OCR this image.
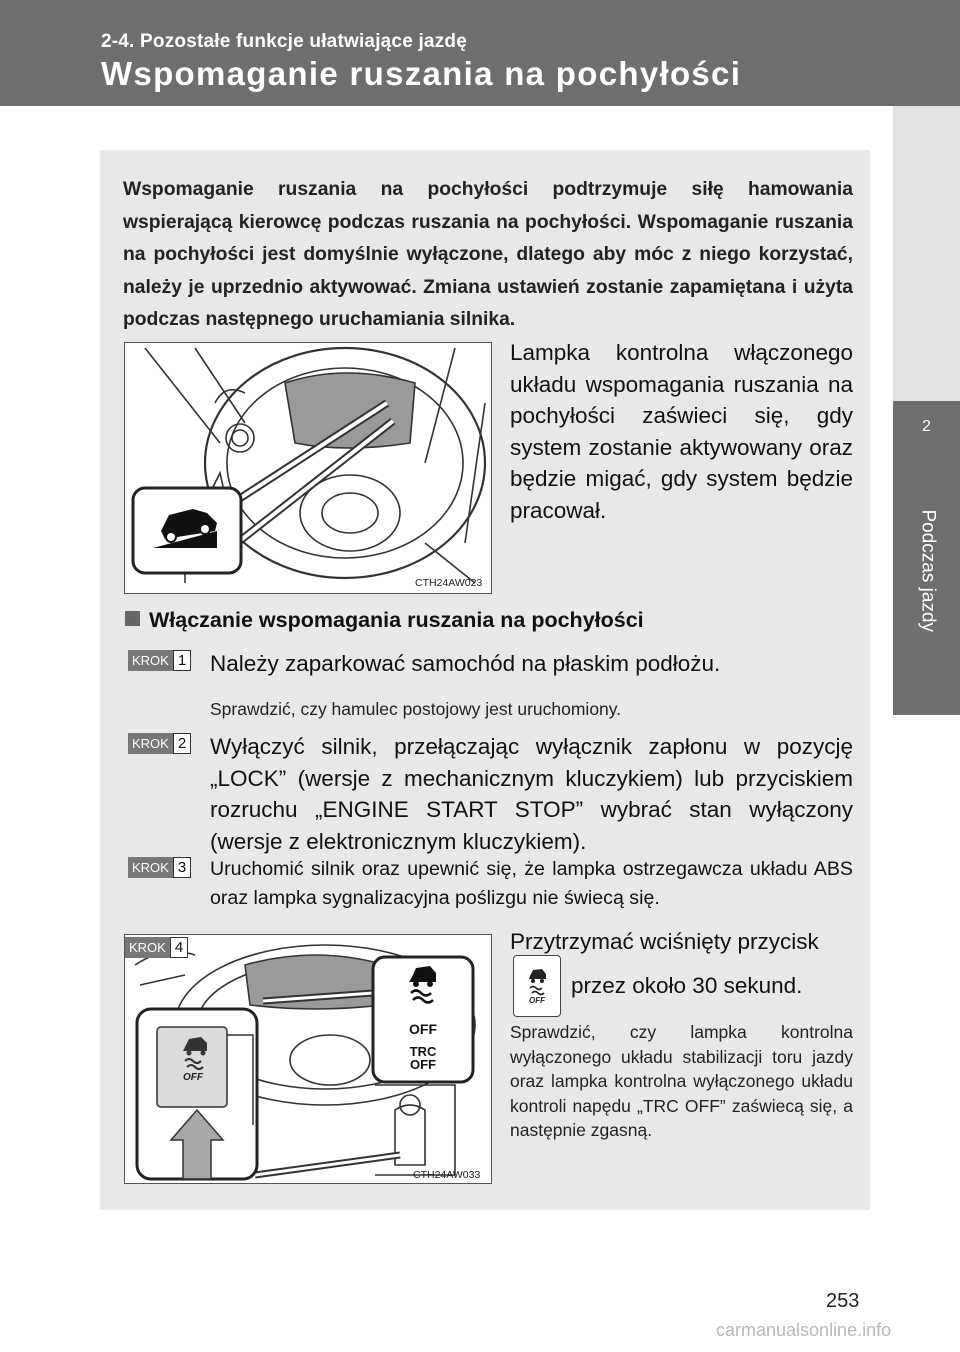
2-4. Pozostałe funkcje ułatwiające jazdę
Wspomaganie ruszania na pochyłości
2
Podczas jazdy
Wspomaganie ruszania na pochyłości podtrzymuje siłę hamowania wspierającą kierowcę podczas ruszania na pochyłości. Wspomaganie ruszania na pochyłości jest domyślnie wyłączone, dlatego aby móc z niego korzystać, należy je uprzednio aktywować. Zmiana ustawień zostanie zapamiętana i użyta podczas następnego uruchamiania silnika.
CTH24AW023
Lampka kontrolna włączonego układu wspomagania ruszania na pochyłości zaświeci się, gdy system zostanie aktywowany oraz będzie migać, gdy system będzie pracował.
Włączanie wspomagania ruszania na pochyłości
KROK 1 Należy zaparkować samochód na płaskim podłożu.
Sprawdzić, czy hamulec postojowy jest uruchomiony.
KROK 2 Wyłączyć silnik, przełączając wyłącznik zapłonu w pozycję „LOCK” (wersje z mechanicznym kluczykiem) lub przyciskiem rozruchu „ENGINE START STOP” wybrać stan wyłączony (wersje z elektronicznym kluczykiem).
KROK 3 Uruchomić silnik oraz upewnić się, że lampka ostrzegawcza układu ABS oraz lampka sygnalizacyjna poślizgu nie świecą się.
CTH24AW033
OFF
TRC
OFF
OFF
KROK 4	Przytrzymać wciśnięty przycisk
OFF
przez około 30 sekund.
Sprawdzić, czy lampka kontrolna wyłączonego układu stabilizacji toru jazdy oraz lampka kontrolna wyłączonego układu kontroli napędu „TRC OFF” zaświecą się, a następnie zgasną.
253
carmanualsonline.info
